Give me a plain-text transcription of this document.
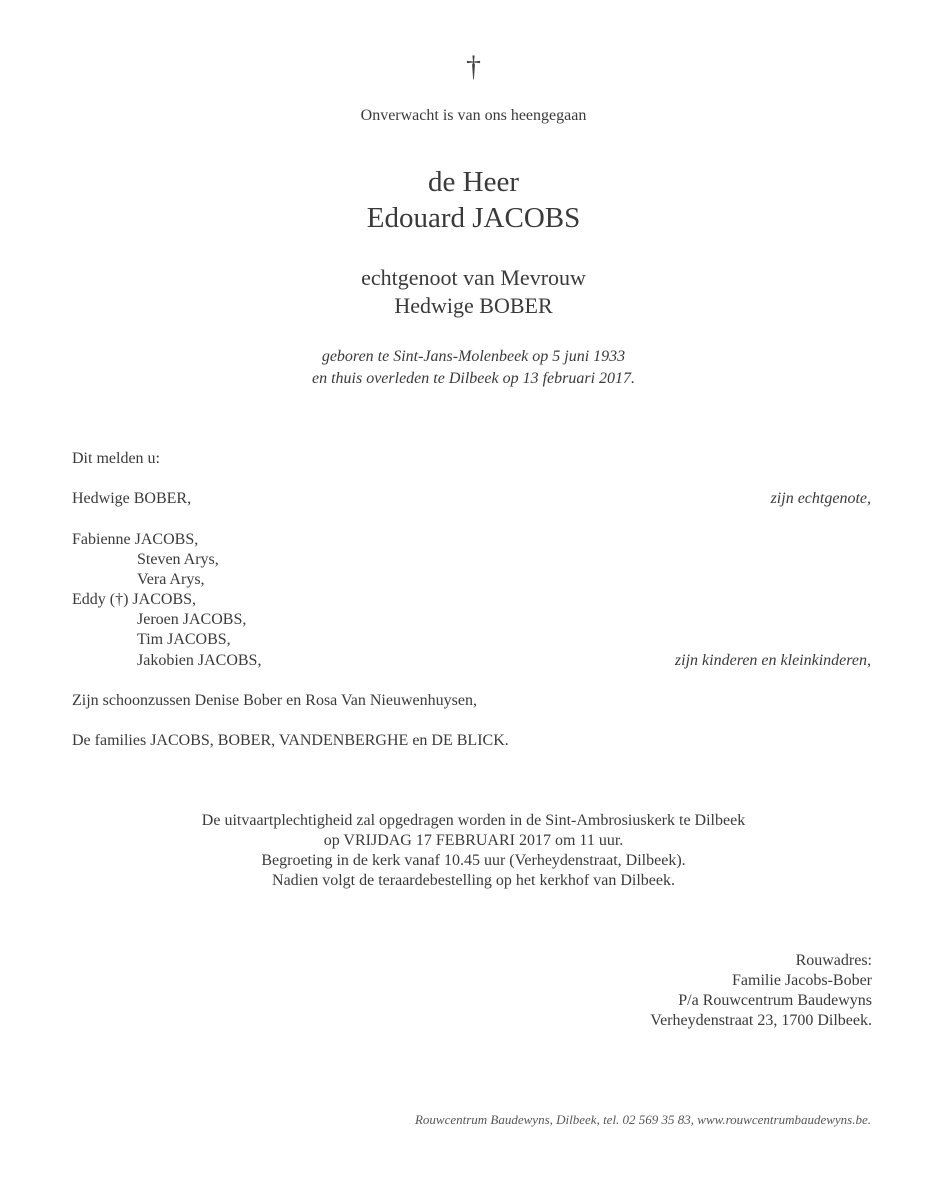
†
Onverwacht is van ons heengegaan
de Heer
Edouard JACOBS
echtgenoot van Mevrouw
Hedwige BOBER
geboren te Sint-Jans-Molenbeek op 5 juni 1933
en thuis overleden te Dilbeek op 13 februari 2017.
Dit melden u:
Hedwige BOBER,	zijn echtgenote,
Fabienne JACOBS,
Steven Arys,
Vera Arys,
Eddy (†) JACOBS,
Jeroen JACOBS,
Tim JACOBS,
Jakobien JACOBS,	zijn kinderen en kleinkinderen,
Zijn schoonzussen Denise Bober en Rosa Van Nieuwenhuysen,
De families JACOBS, BOBER, VANDENBERGHE en DE BLICK.
De uitvaartplechtigheid zal opgedragen worden in de Sint-Ambrosiuskerk te Dilbeek
op VRIJDAG 17 FEBRUARI 2017 om 11 uur.
Begroeting in de kerk vanaf 10.45 uur (Verheydenstraat, Dilbeek).
Nadien volgt de teraardebestelling op het kerkhof van Dilbeek.
Rouwadres:
Familie Jacobs-Bober
P/a Rouwcentrum Baudewyns
Verheydenstraat 23, 1700 Dilbeek.
Rouwcentrum Baudewyns, Dilbeek, tel. 02 569 35 83, www.rouwcentrumbaudewyns.be.
